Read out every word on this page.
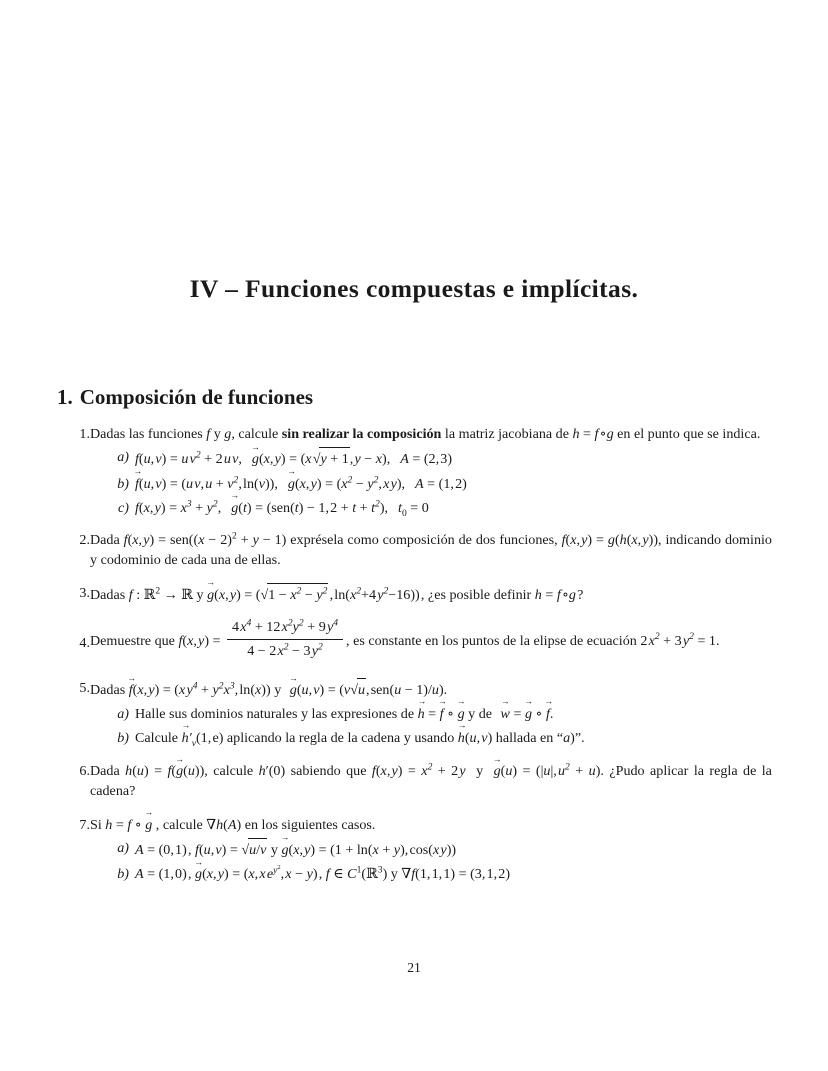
IV – Funciones compuestas e implícitas.
1. Composición de funciones
1. Dadas las funciones f y g, calcule sin realizar la composición la matriz jacobiana de h = f ∘g en el punto que se indica.
a) f(u, v) = u $v^2 + 2$ u v, g →(x, y) = (x √y + 1, y − x), A = (2, 3)
b) f →(u, v) = (u v, $u + v^2$, ln(v)), g →(x, $y) = (x^2 - y^2$, x y), A = (1, 2)
c) f(x, $y) = x^3 + y^2$, g →(t) = (sen(t) − 1, $2 + t + t^2$), $t_0 = 0$
2. Dada f(x, $y) = sen((x - 2)^2 + y - 1)$ exprésela como composición de dos funciones, f(x, y) = g(h(x, y)), indicando dominio y codominio de cada una de ellas.
3. Dadas f : ℝ$^2$ → ℝ y g →(x, $y) = (√1 - x^2 - y^2$ , $\ln(x^2+4$ $y^2-16$)) , ¿es posible definir h = f ∘g ?
4. Demuestre que f(x, $y) = \frac{4 x^4 + 12 x^2y^2 + 9 y^4}{4 - 2 x^2 - 3 y^2}$ , es constante en los puntos de la elipse de ecuación 2 $x^2 + 3$ $y^2 = 1$.
5. Dadas f →(x, y) = (x $y^4 + y^2x^3$, ln(x)) y g →(u, v) = (v√u, sen(u − 1)/u).
a) Halle sus dominios naturales y las expresiones de h → = f → ∘ g → y de w → = g → ∘ f →.
b) Calcule $h \to'_v(1$, e) aplicando la regla de la cadena y usando h →(u, v) hallada en “a)”.
6. Dada h(u) = f(g →(u)), calcule h′(0) sabiendo que f(x, $y) = x^2 + 2$ y y g →(u) = (|u|, $u^2 + u$). ¿Pudo aplicar la regla de la cadena?
7. Si h = f ∘ g → , calcule ∇h(A) en los siguientes casos.
a) A = (0, 1) , f(u, v) = √u/v y g →(x, y) = (1 + ln(x + y), cos(x y))
b) A = (1, 0) , g →(x, y) = (x, x $e^{y^2}$, x − y) , f ∈ $C^1(ℝ^3)$ y ∇f(1, 1, 1) = (3, 1, 2)
21
